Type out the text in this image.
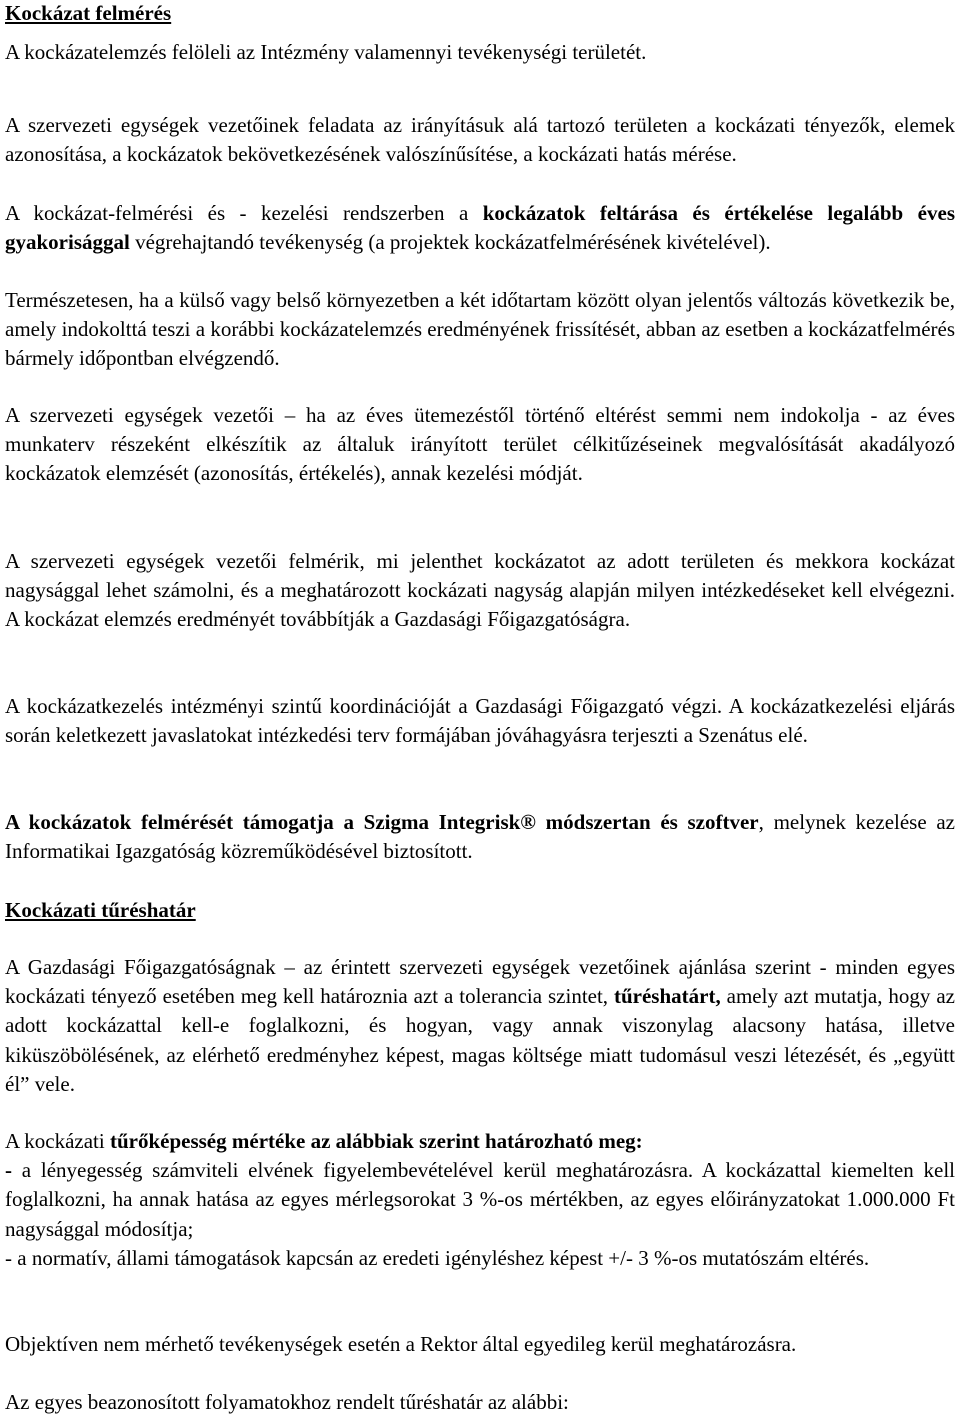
Kockázat felmérés

A kockázatelemzés felöleli az Intézmény valamennyi tevékenységi területét.

A szervezeti egységek vezetőinek feladata az irányításuk alá tartozó területen a kockázati tényezők, elemek azonosítása, a kockázatok bekövetkezésének valószínűsítése, a kockázati hatás mérése.

A kockázat-felmérési és - kezelési rendszerben a kockázatok feltárása és értékelése legalább éves gyakorisággal végrehajtandó tevékenység (a projektek kockázatfelmérésének kivételével).

Természetesen, ha a külső vagy belső környezetben a két időtartam között olyan jelentős változás következik be, amely indokolttá teszi a korábbi kockázatelemzés eredményének frissítését, abban az esetben a kockázatfelmérés bármely időpontban elvégzendő.

A szervezeti egységek vezetői – ha az éves ütemezéstől történő eltérést semmi nem indokolja - az éves munkaterv részeként elkészítik az általuk irányított terület célkitűzéseinek megvalósítását akadályozó kockázatok elemzését (azonosítás, értékelés), annak kezelési módját.

A szervezeti egységek vezetői felmérik, mi jelenthet kockázatot az adott területen és mekkora kockázat nagysággal lehet számolni, és a meghatározott kockázati nagyság alapján milyen intézkedéseket kell elvégezni. A kockázat elemzés eredményét továbbítják a Gazdasági Főigazgatóságra.

A kockázatkezelés intézményi szintű koordinációját a Gazdasági Főigazgató végzi. A kockázatkezelési eljárás során keletkezett javaslatokat intézkedési terv formájában jóváhagyásra terjeszti a Szenátus elé.

A kockázatok felmérését támogatja a Szigma Integrisk® módszertan és szoftver, melynek kezelése az Informatikai Igazgatóság közreműködésével biztosított.

Kockázati tűréshatár

A Gazdasági Főigazgatóságnak – az érintett szervezeti egységek vezetőinek ajánlása szerint - minden egyes kockázati tényező esetében meg kell határoznia azt a tolerancia szintet, tűréshatárt, amely azt mutatja, hogy az adott kockázattal kell-e foglalkozni, és hogyan, vagy annak viszonylag alacsony hatása, illetve kiküszöbölésének, az elérhető eredményhez képest, magas költsége miatt tudomásul veszi létezését, és „együtt él” vele.

A kockázati tűrőképesség mértéke az alábbiak szerint határozható meg:
- a lényegesség számviteli elvének figyelembevételével kerül meghatározásra. A kockázattal kiemelten kell foglalkozni, ha annak hatása az egyes mérlegsorokat 3 %-os mértékben, az egyes előirányzatokat 1.000.000 Ft nagysággal módosítja;
- a normatív, állami támogatások kapcsán az eredeti igényléshez képest +/- 3 %-os mutatószám eltérés.

Objektíven nem mérhető tevékenységek esetén a Rektor által egyedileg kerül meghatározásra.

Az egyes beazonosított folyamatokhoz rendelt tűréshatár az alábbi:
